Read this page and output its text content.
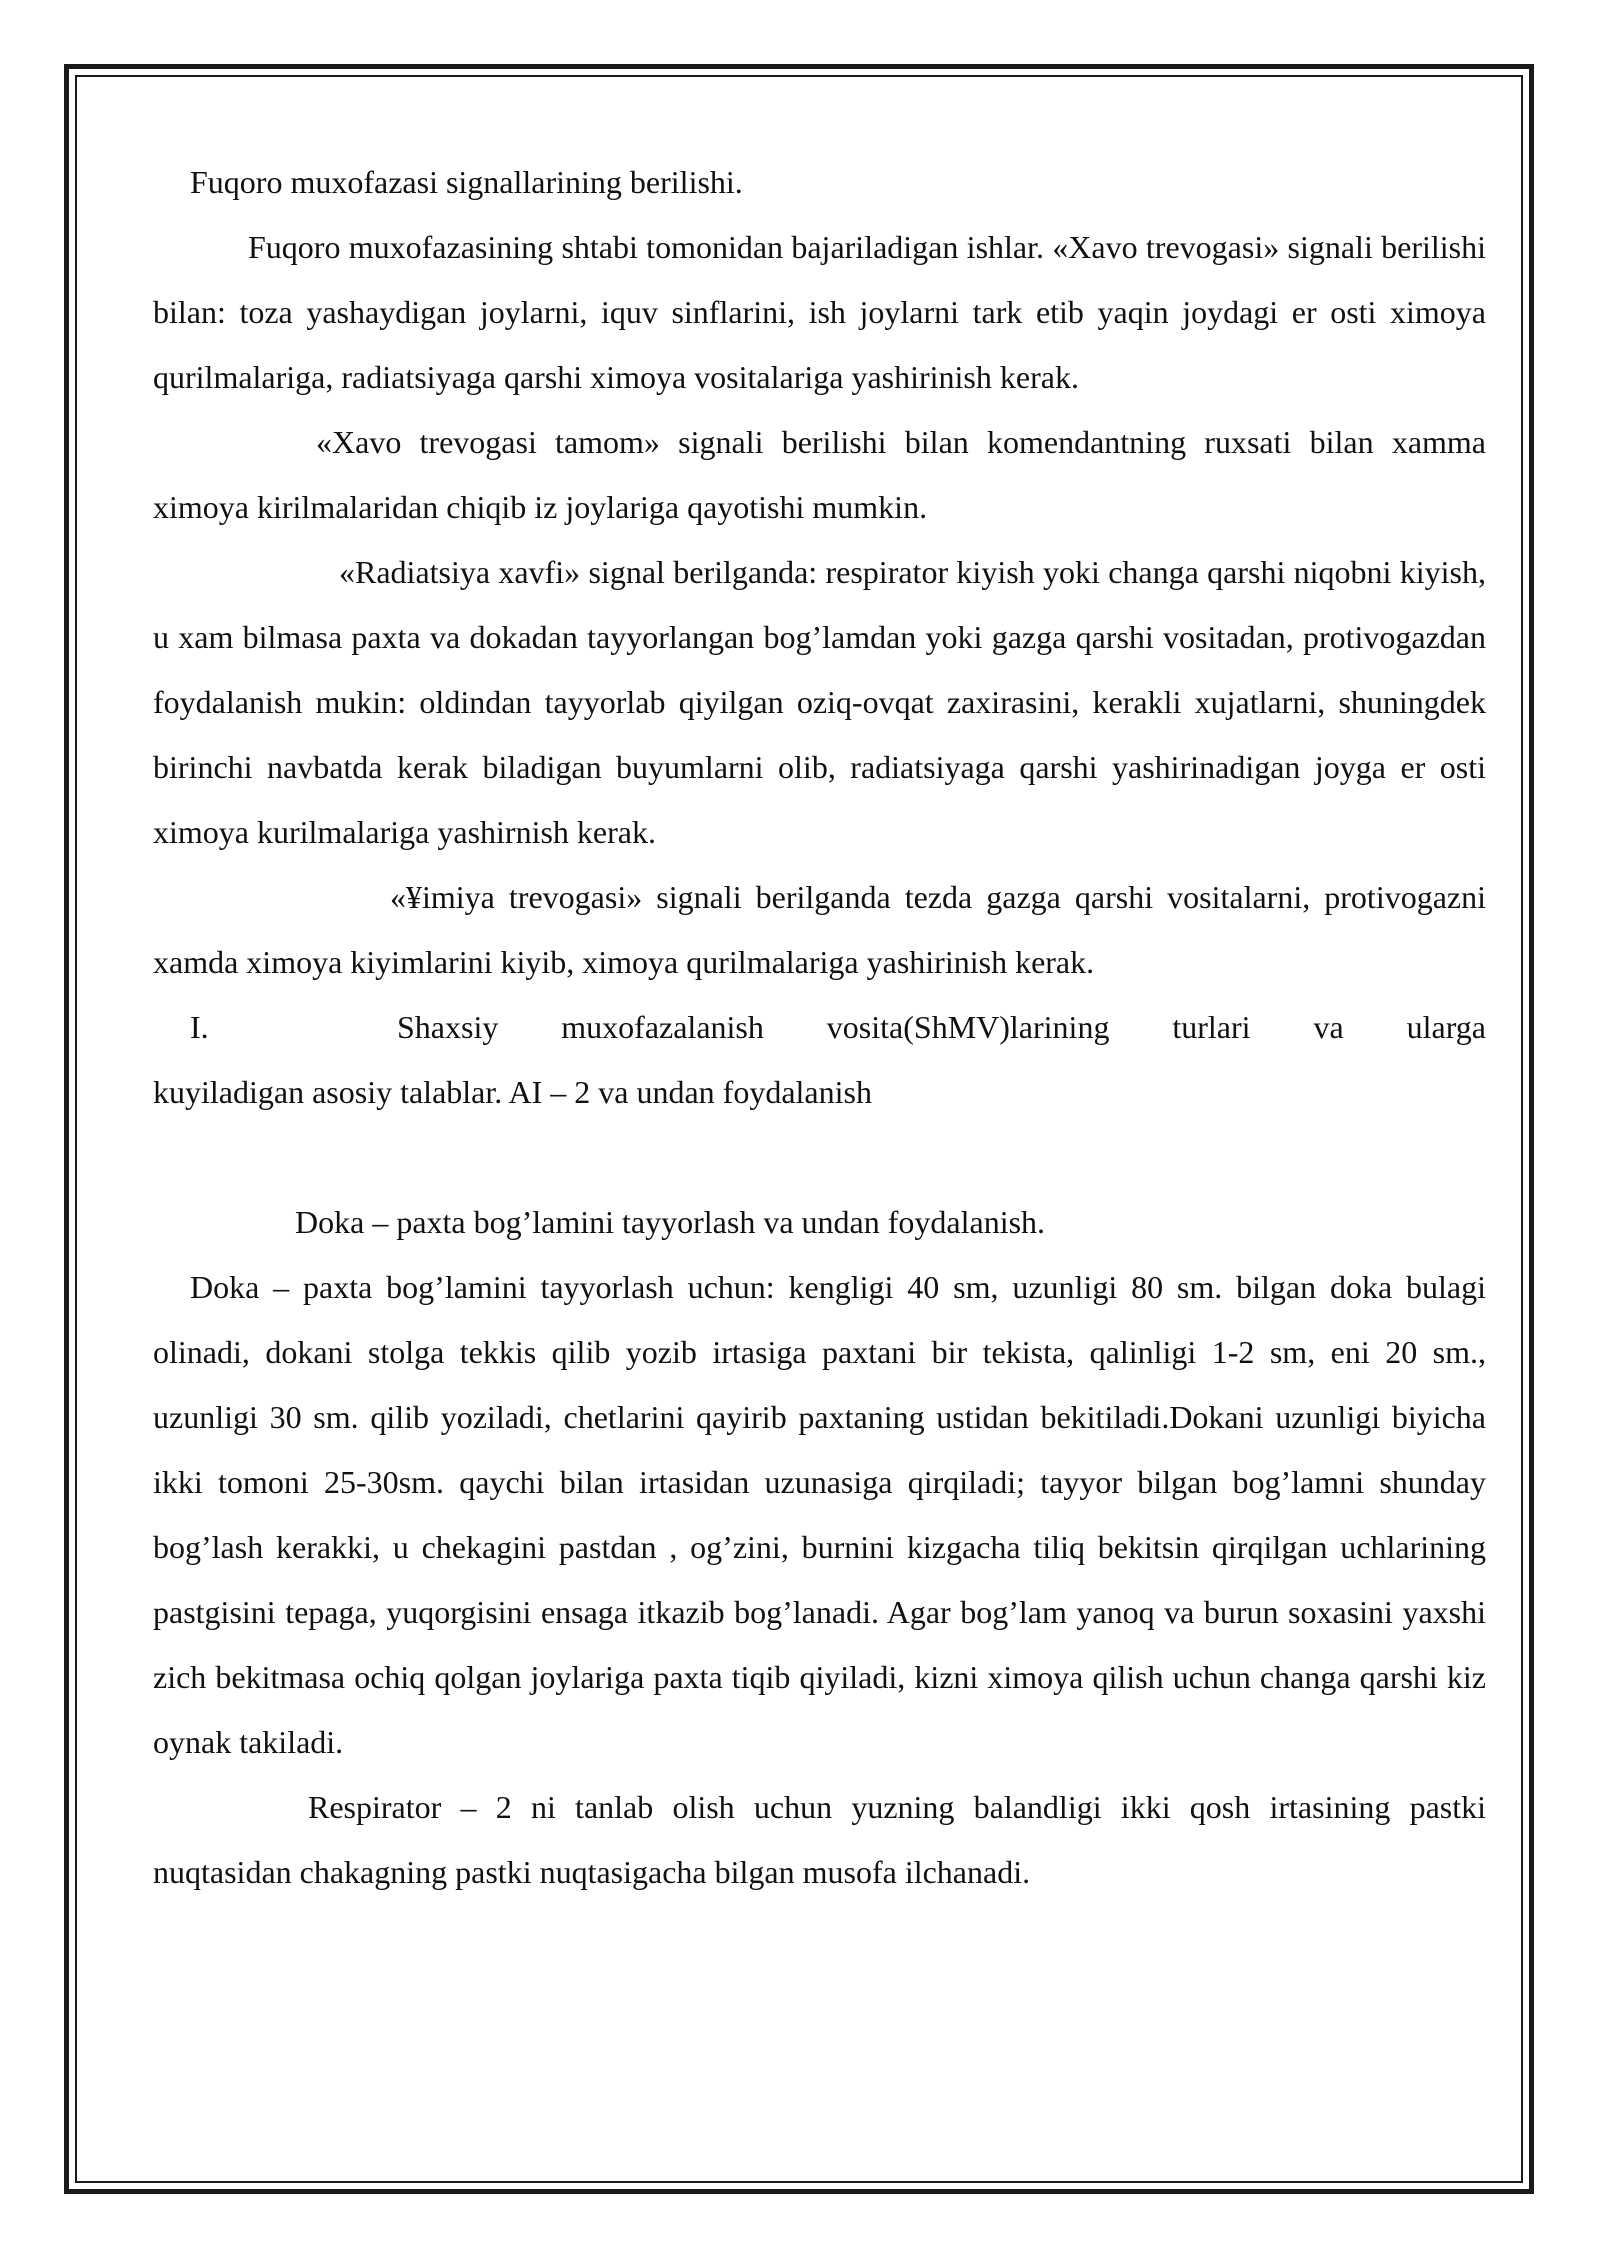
Fuqoro muxofazasi signallarining berilishi.

Fuqoro muxofazasining shtabi tomonidan bajariladigan ishlar. «Xavo trevogasi» signali berilishi bilan: toza yashaydigan joylarni, iquv sinflarini, ish joylarni tark etib yaqin joydagi er osti ximoya qurilmalariga, radiatsiyaga qarshi ximoya vositalariga yashirinish kerak.

«Xavo trevogasi tamom» signali berilishi bilan komendantning ruxsati bilan xamma ximoya kirilmalaridan chiqib iz joylariga qayotishi mumkin.

«Radiatsiya xavfi» signal berilganda: respirator kiyish yoki changa qarshi niqobni kiyish, u xam bilmasa paxta va dokadan tayyorlangan bog’lamdan yoki gazga qarshi vositadan, protivogazdan foydalanish mukin: oldindan tayyorlab qiyilgan oziq-ovqat zaxirasini, kerakli xujatlarni, shuningdek birinchi navbatda kerak biladigan buyumlarni olib, radiatsiyaga qarshi yashirinadigan joyga er osti ximoya kurilmalariga yashirnish kerak.

«¥imiya trevogasi» signali berilganda tezda gazga qarshi vositalarni, protivogazni xamda ximoya kiyimlarini kiyib, ximoya qurilmalariga yashirinish kerak.

I.	Shaxsiy muxofazalanish vosita(ShMV)larining turlari va ularga
kuyiladigan asosiy talablar. AI – 2 va undan foydalanish

Doka – paxta bog’lamini tayyorlash va undan foydalanish.

Doka – paxta bog’lamini tayyorlash uchun: kengligi 40 sm, uzunligi 80 sm. bilgan doka bulagi olinadi, dokani stolga tekkis qilib yozib irtasiga paxtani bir tekista, qalinligi 1-2 sm, eni 20 sm., uzunligi 30 sm. qilib yoziladi, chetlarini qayirib paxtaning ustidan bekitiladi.Dokani uzunligi biyicha ikki tomoni 25-30sm. qaychi bilan irtasidan uzunasiga qirqiladi; tayyor bilgan bog’lamni shunday bog’lash kerakki, u chekagini pastdan , og’zini, burnini kizgacha tiliq bekitsin qirqilgan uchlarining pastgisini tepaga, yuqorgisini ensaga itkazib bog’lanadi. Agar bog’lam yanoq va burun soxasini yaxshi zich bekitmasa ochiq qolgan joylariga paxta tiqib qiyiladi, kizni ximoya qilish uchun changa qarshi kiz oynak takiladi.

Respirator – 2 ni tanlab olish uchun yuzning balandligi ikki qosh irtasining pastki nuqtasidan chakagning pastki nuqtasigacha bilgan musofa ilchanadi.
